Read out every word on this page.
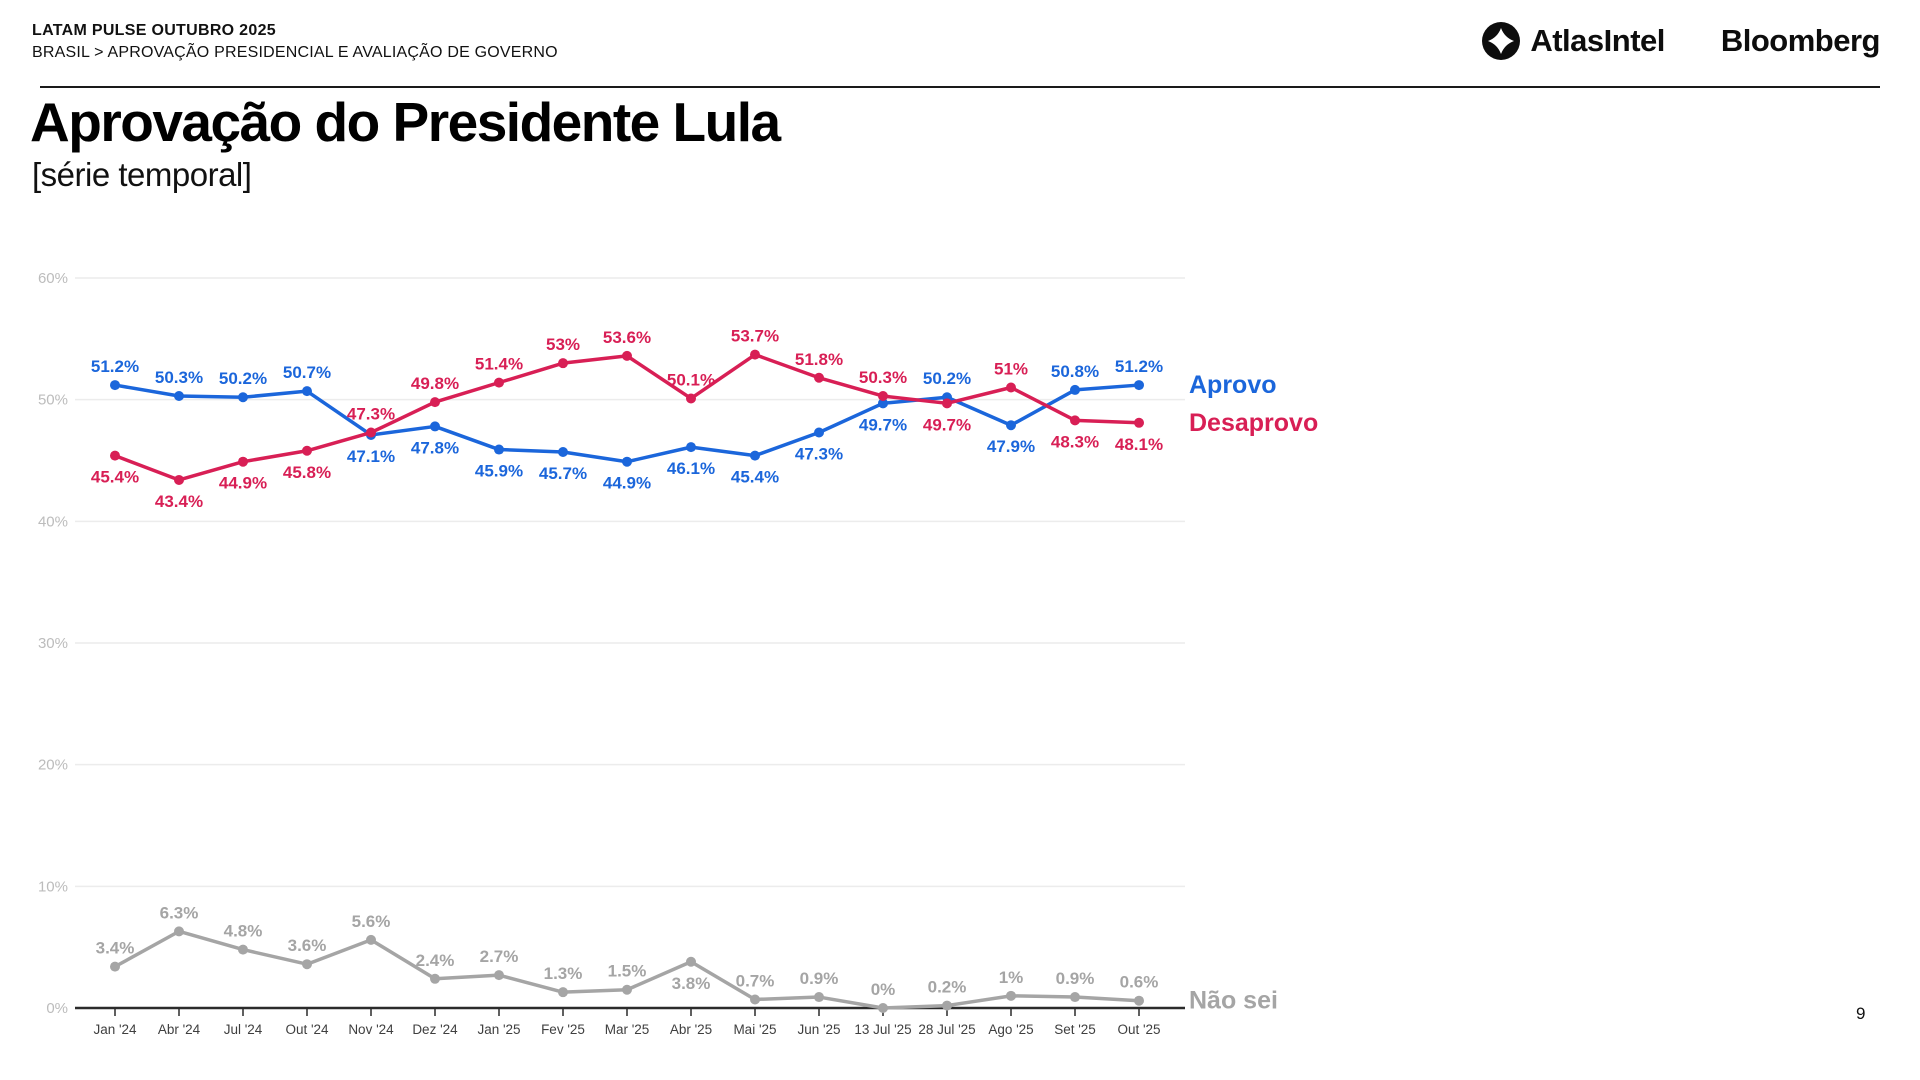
LATAM PULSE OUTUBRO 2025
BRASIL > APROVAÇÃO PRESIDENCIAL E AVALIAÇÃO DE GOVERNO	AtlasIntel Bloomberg
Aprovação do Presidente Lula
[série temporal]
0%
10%
20%
30%
40%
50%
60%
Jan '24 Abr '24 Jul '24 Out '24 Nov '24 Dez '24 Jan '25 Fev '25 Mar '25 Abr '25 Mai '25 Jun '25 13 Jul '25 28 Jul '25 Ago '25 Set '25 Out '25
51.2%
50.3% 50.2% 50.7%
47.1% 47.8%
45.9% 45.7%
44.9%
46.1% 45.4%
47.3%
49.7%
50.2%
47.9%
50.8% 51.2%
Aprovo
45.4%
43.4%
44.9%
45.8%
47.3%
49.8%
51.4%
53% 53.6%
50.1%
53.7%
51.8%
50.3%
49.7%
51%
48.3% 48.1%
Desaprovo
3.4%
6.3%
4.8%
3.6%
5.6%
2.4% 2.7%
1.3% 1.5%
3.8% 0.7% 0.9%
0% 0.2%
1% 0.9% 0.6%
Não sei	9
